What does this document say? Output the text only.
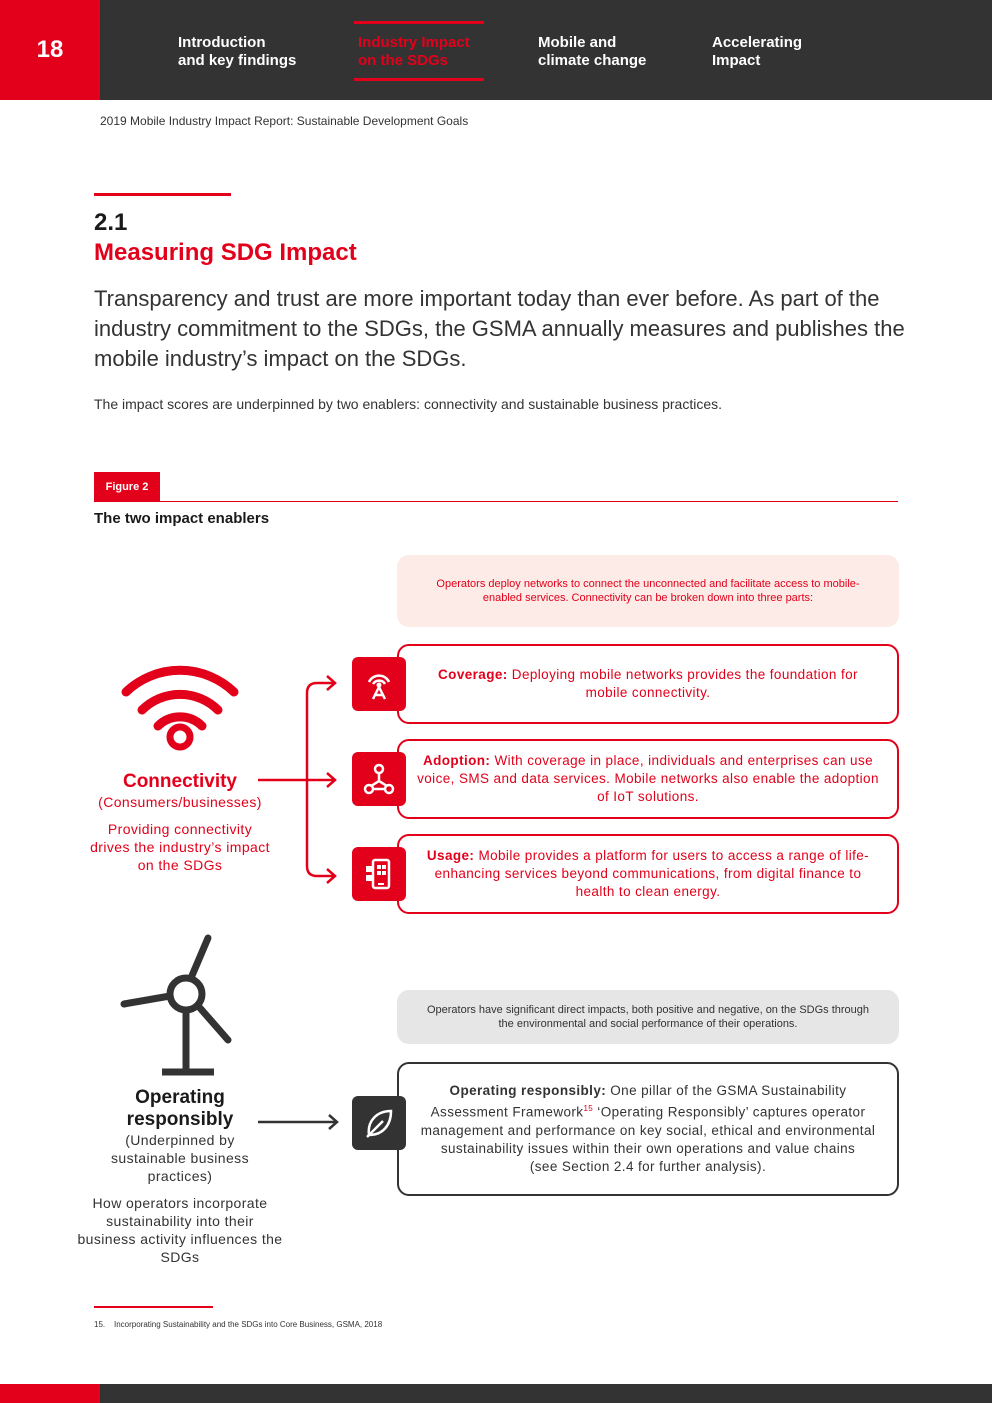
18	Introduction
and key findings
Industry Impact
on the SDGs
Mobile and
climate change
Accelerating
Impact
2019 Mobile Industry Impact Report: Sustainable Development Goals
2.1
Measuring SDG Impact
Transparency and trust are more important today than ever before. As part of the industry commitment to the SDGs, the GSMA annually measures and publishes the mobile industry’s impact on the SDGs.
The impact scores are underpinned by two enablers: connectivity and sustainable business practices.
Figure 2
The two impact enablers
Operators deploy networks to connect the unconnected and facilitate access to mobile-enabled services. Connectivity can be broken down into three parts:
Connectivity
(Consumers/businesses)
Providing connectivity drives the industry’s impact on the SDGs
Coverage: Deploying mobile networks provides the foundation for mobile connectivity.
Adoption: With coverage in place, individuals and enterprises can use voice, SMS and data services. Mobile networks also enable the adoption of IoT solutions.
Usage: Mobile provides a platform for users to access a range of life-enhancing services beyond communications, from digital finance to health to clean energy.
Operating responsibly
(Underpinned by sustainable business practices)
How operators incorporate sustainability into their business activity influences the SDGs
Operators have significant direct impacts, both positive and negative, on the SDGs through the environmental and social performance of their operations.
Operating responsibly: One pillar of the GSMA Sustainability Assessment Framework$^{15}$ ‘Operating Responsibly’ captures operator management and performance on key social, ethical and environmental sustainability issues within their own operations and value chains
(see Section 2.4 for further analysis).
15. Incorporating Sustainability and the SDGs into Core Business, GSMA, 2018
